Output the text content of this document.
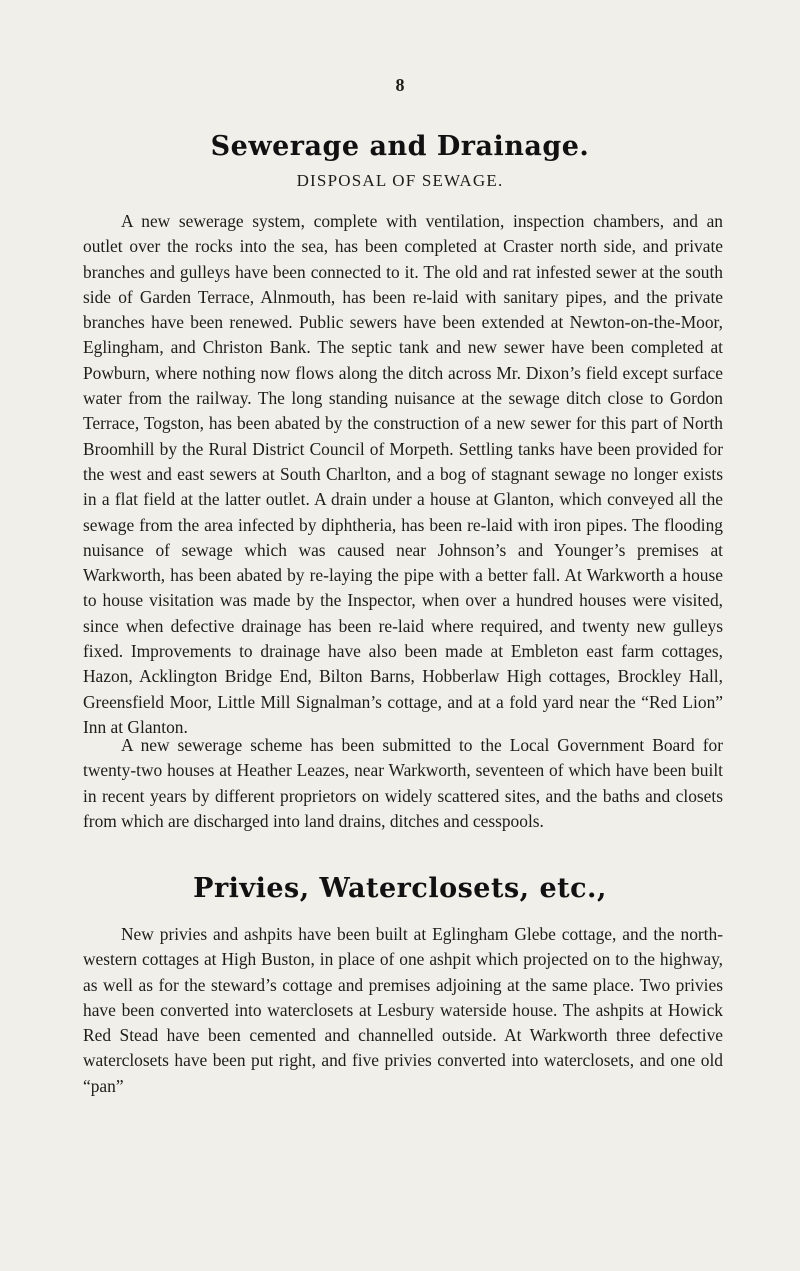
8
Sewerage and Drainage.
DISPOSAL OF SEWAGE.

A new sewerage system, complete with ventilation, inspection chambers, and an outlet over the rocks into the sea, has been completed at Craster north side, and private branches and gulleys have been connected to it. The old and rat infested sewer at the south side of Garden Terrace, Alnmouth, has been re-laid with sanitary pipes, and the private branches have been renewed. Public sewers have been extended at Newton-on-the-Moor, Eglingham, and Christon Bank. The septic tank and new sewer have been completed at Powburn, where nothing now flows along the ditch across Mr. Dixon’s field except surface water from the railway. The long standing nuisance at the sewage ditch close to Gordon Terrace, Togston, has been abated by the construction of a new sewer for this part of North Broomhill by the Rural District Council of Morpeth. Settling tanks have been provided for the west and east sewers at South Charlton, and a bog of stagnant sewage no longer exists in a flat field at the latter outlet. A drain under a house at Glanton, which conveyed all the sewage from the area infected by diphtheria, has been re-laid with iron pipes. The flooding nuisance of sewage which was caused near Johnson’s and Younger’s premises at Warkworth, has been abated by re-laying the pipe with a better fall. At Warkworth a house to house visitation was made by the Inspector, when over a hundred houses were visited, since when defective drainage has been re-laid where required, and twenty new gulleys fixed. Improvements to drainage have also been made at Embleton east farm cottages, Hazon, Acklington Bridge End, Bilton Barns, Hobberlaw High cottages, Brockley Hall, Greensfield Moor, Little Mill Signalman’s cottage, and at a fold yard near the “Red Lion” Inn at Glanton.

A new sewerage scheme has been submitted to the Local Government Board for twenty-two houses at Heather Leazes, near Warkworth, seventeen of which have been built in recent years by different proprietors on widely scattered sites, and the baths and closets from which are discharged into land drains, ditches and cesspools.

Privies, Waterclosets, etc.,

New privies and ashpits have been built at Eglingham Glebe cottage, and the north-western cottages at High Buston, in place of one ashpit which projected on to the highway, as well as for the steward’s cottage and premises adjoining at the same place. Two privies have been converted into waterclosets at Lesbury waterside house. The ashpits at Howick Red Stead have been cemented and channelled outside. At Warkworth three defective waterclosets have been put right, and five privies converted into waterclosets, and one old “pan”
